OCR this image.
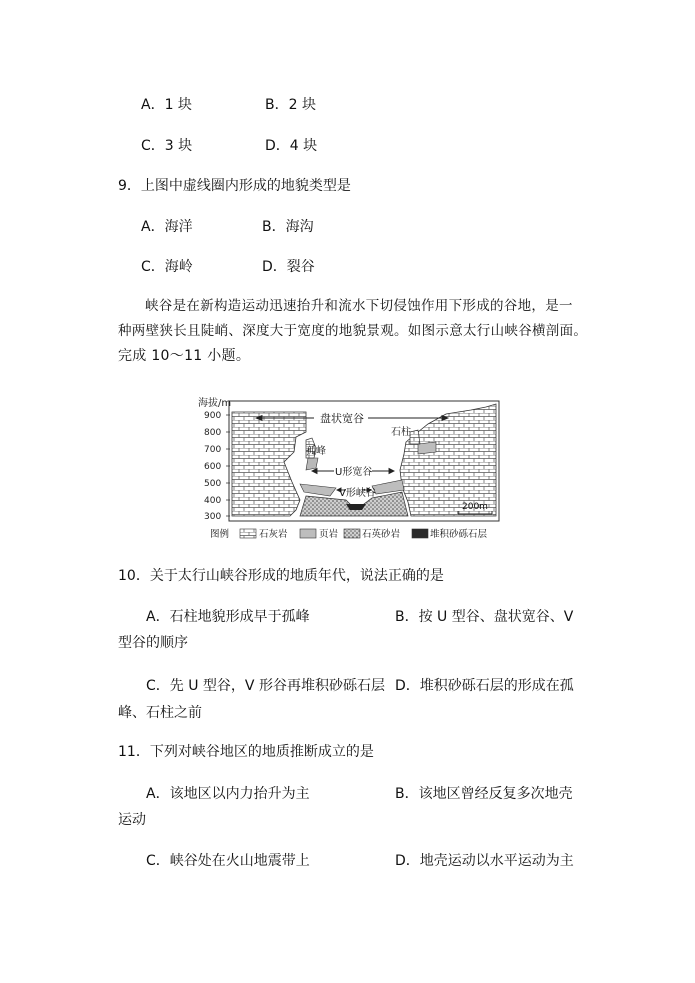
A．1 块	B．2 块
C．3 块	D．4 块
9．上图中虚线圈内形成的地貌类型是
A．海洋	B．海沟
C．海岭	D．裂谷

峡谷是在新构造运动迅速抬升和流水下切侵蚀作用下形成的谷地，是一

种两壁狭长且陡峭、深度大于宽度的地貌景观。如图示意太行山峡谷横剖面。

完成 10～11 小题。

海拔/m
900
800
700
600
500
400
300
盘状宽谷
石柱
孤峰
U形宽谷
V形峡谷
200m
图例	石灰岩	页岩	石英砂岩	堆积砂砾石层
10．关于太行山峡谷形成的地质年代，说法正确的是
A．石柱地貌形成早于孤峰	B．按 U 型谷、盘状宽谷、V
型谷的顺序
C．先 U 型谷，V 形谷再堆积砂砾石层 D．堆积砂砾石层的形成在孤
峰、石柱之前
11．下列对峡谷地区的地质推断成立的是
A．该地区以内力抬升为主	B．该地区曾经反复多次地壳
运动
C．峡谷处在火山地震带上	D．地壳运动以水平运动为主
